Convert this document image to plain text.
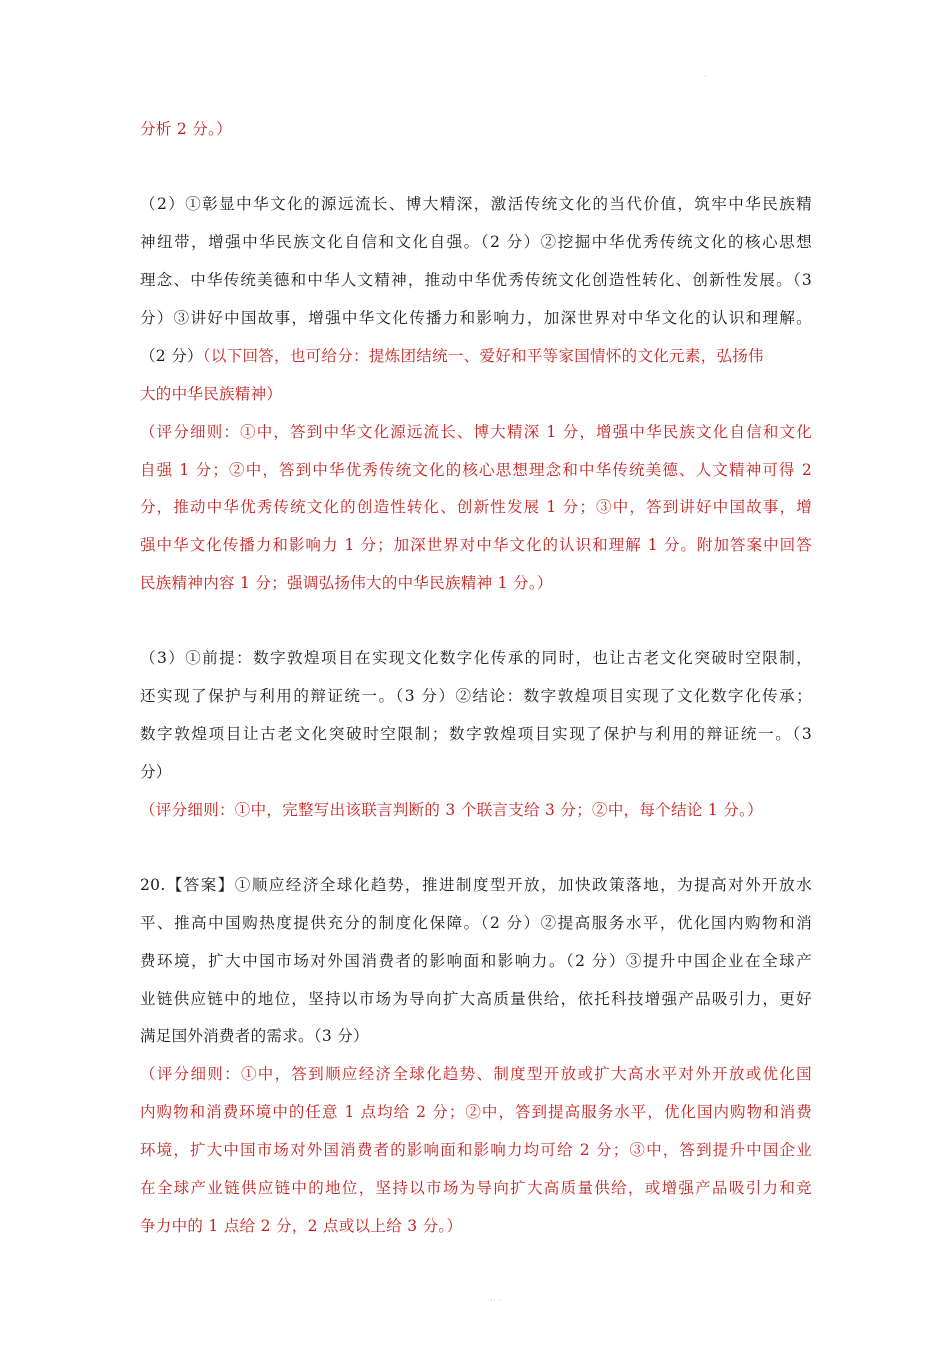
分析 2 分。）
（2）①彰显中华文化的源远流长、博大精深，激活传统文化的当代价值，筑牢中华民族精
神纽带，增强中华民族文化自信和文化自强。（2 分）②挖掘中华优秀传统文化的核心思想
理念、中华传统美德和中华人文精神，推动中华优秀传统文化创造性转化、创新性发展。（3
分）③讲好中国故事，增强中华文化传播力和影响力，加深世界对中华文化的认识和理解。
（2 分）（以下回答，也可给分：提炼团结统一、爱好和平等家国情怀的文化元素，弘扬伟
大的中华民族精神）
（评分细则：①中，答到中华文化源远流长、博大精深 1 分，增强中华民族文化自信和文化
自强 1 分；②中，答到中华优秀传统文化的核心思想理念和中华传统美德、人文精神可得 2
分，推动中华优秀传统文化的创造性转化、创新性发展 1 分；③中，答到讲好中国故事，增
强中华文化传播力和影响力 1 分；加深世界对中华文化的认识和理解 1 分。附加答案中回答
民族精神内容 1 分；强调弘扬伟大的中华民族精神 1 分。）
（3）①前提：数字敦煌项目在实现文化数字化传承的同时，也让古老文化突破时空限制，
还实现了保护与利用的辩证统一。（3 分）②结论：数字敦煌项目实现了文化数字化传承；
数字敦煌项目让古老文化突破时空限制；数字敦煌项目实现了保护与利用的辩证统一。（3
分）
（评分细则：①中，完整写出该联言判断的 3 个联言支给 3 分；②中，每个结论 1 分。）
20.【答案】①顺应经济全球化趋势，推进制度型开放，加快政策落地，为提高对外开放水
平、推高中国购热度提供充分的制度化保障。（2 分）②提高服务水平，优化国内购物和消
费环境，扩大中国市场对外国消费者的影响面和影响力。（2 分）③提升中国企业在全球产
业链供应链中的地位，坚持以市场为导向扩大高质量供给，依托科技增强产品吸引力，更好
满足国外消费者的需求。（3 分）
（评分细则：①中，答到顺应经济全球化趋势、制度型开放或扩大高水平对外开放或优化国
内购物和消费环境中的任意 1 点均给 2 分；②中，答到提高服务水平，优化国内购物和消费
环境，扩大中国市场对外国消费者的影响面和影响力均可给 2 分；③中，答到提升中国企业
在全球产业链供应链中的地位，坚持以市场为导向扩大高质量供给，或增强产品吸引力和竞
争力中的 1 点给 2 分，2 点或以上给 3 分。）
·
·· ·
